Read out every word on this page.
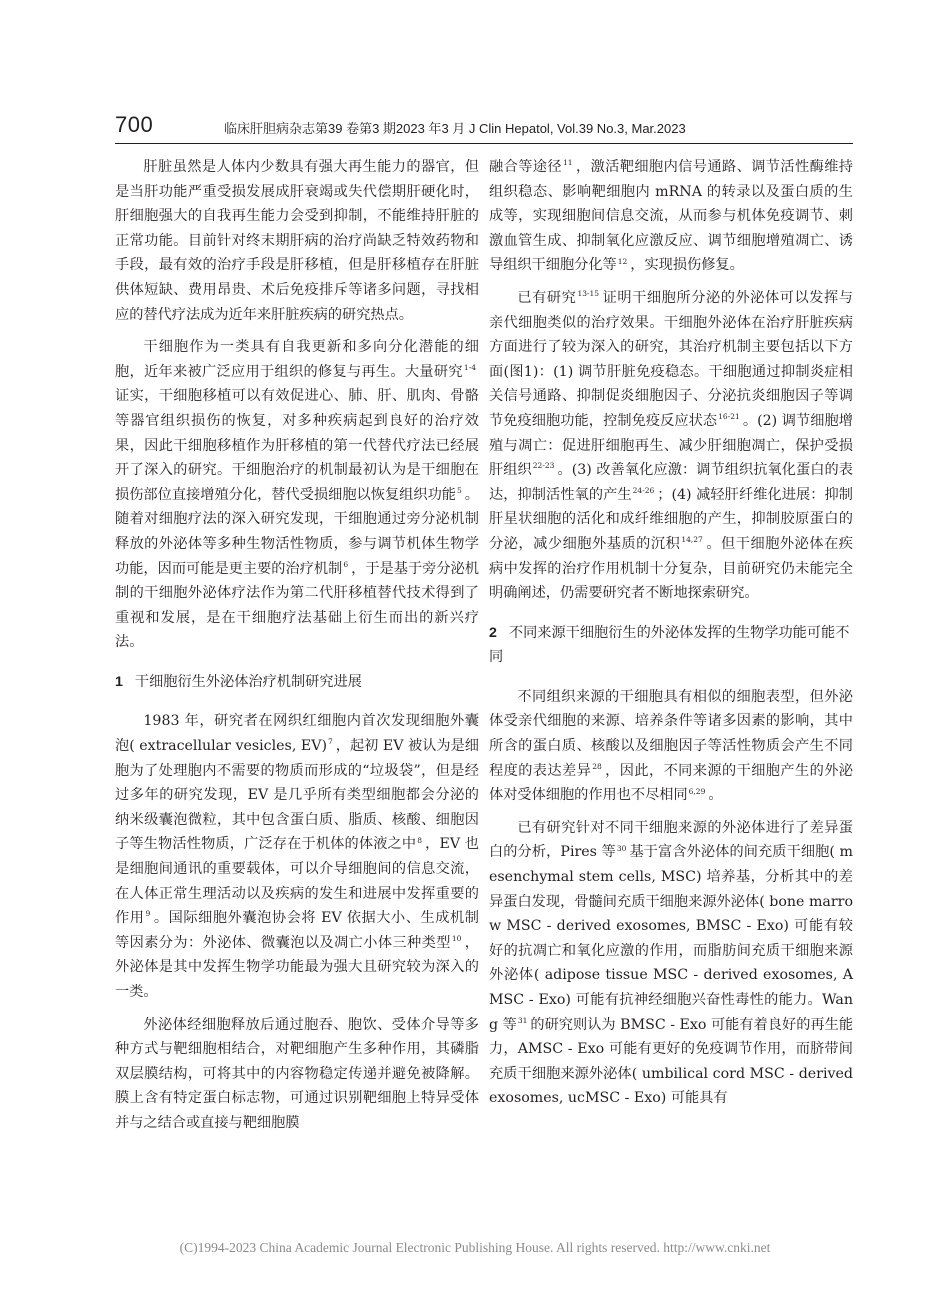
700	临床肝胆病杂志第39 卷第3 期2023 年3 月 J Clin Hepatol, Vol.39 No.3, Mar.2023

肝脏虽然是人体内少数具有强大再生能力的器官，但是当肝功能严重受损发展成肝衰竭或失代偿期肝硬化时，肝细胞强大的自我再生能力会受到抑制，不能维持肝脏的正常功能。目前针对终末期肝病的治疗尚缺乏特效药物和手段，最有效的治疗手段是肝移植，但是肝移植存在肝脏供体短缺、费用昂贵、术后免疫排斥等诸多问题，寻找相应的替代疗法成为近年来肝脏疾病的研究热点。

干细胞作为一类具有自我更新和多向分化潜能的细胞，近年来被广泛应用于组织的修复与再生。大量研究$^{1-4}$证实，干细胞移植可以有效促进心、肺、肝、肌肉、骨骼等器官组织损伤的恢复，对多种疾病起到良好的治疗效果，因此干细胞移植作为肝移植的第一代替代疗法已经展开了深入的研究。干细胞治疗的机制最初认为是干细胞在损伤部位直接增殖分化，替代受损细胞以恢复组织功能$^5$ 。随着对细胞疗法的深入研究发现，干细胞通过旁分泌机制释放的外泌体等多种生物活性物质，参与调节机体生物学功能，因而可能是更主要的治疗机制$^6$ ，于是基于旁分泌机制的干细胞外泌体疗法作为第二代肝移植替代技术得到了重视和发展，是在干细胞疗法基础上衍生而出的新兴疗法。

1 干细胞衍生外泌体治疗机制研究进展

1983 年，研究者在网织红细胞内首次发现细胞外囊泡( extracellular vesicles, EV)$^7$ ，起初 EV 被认为是细胞为了处理胞内不需要的物质而形成的“垃圾袋”，但是经过多年的研究发现，EV 是几乎所有类型细胞都会分泌的纳米级囊泡微粒，其中包含蛋白质、脂质、核酸、细胞因子等生物活性物质，广泛存在于机体的体液之中$^8$ ，EV 也是细胞间通讯的重要载体，可以介导细胞间的信息交流，在人体正常生理活动以及疾病的发生和进展中发挥重要的作用$^9$ 。国际细胞外囊泡协会将 EV 依据大小、生成机制等因素分为：外泌体、微囊泡以及凋亡小体三种类型$^{10}$ ，外泌体是其中发挥生物学功能最为强大且研究较为深入的一类。

外泌体经细胞释放后通过胞吞、胞饮、受体介导等多种方式与靶细胞相结合，对靶细胞产生多种作用，其磷脂双层膜结构，可将其中的内容物稳定传递并避免被降解。膜上含有特定蛋白标志物，可通过识别靶细胞上特异受体并与之结合或直接与靶细胞膜

融合等途径$^{11}$ ，激活靶细胞内信号通路、调节活性酶维持组织稳态、影响靶细胞内 mRNA 的转录以及蛋白质的生成等，实现细胞间信息交流，从而参与机体免疫调节、刺激血管生成、抑制氧化应激反应、调节细胞增殖凋亡、诱导组织干细胞分化等$^{12}$ ，实现损伤修复。

已有研究$^{13-15}$ 证明干细胞所分泌的外泌体可以发挥与亲代细胞类似的治疗效果。干细胞外泌体在治疗肝脏疾病方面进行了较为深入的研究，其治疗机制主要包括以下方面(图1)：(1) 调节肝脏免疫稳态。干细胞通过抑制炎症相关信号通路、抑制促炎细胞因子、分泌抗炎细胞因子等调节免疫细胞功能，控制免疫反应状态$^{16-21}$ 。(2) 调节细胞增殖与凋亡：促进肝细胞再生、减少肝细胞凋亡，保护受损肝组织$^{22-23}$ 。(3) 改善氧化应激：调节组织抗氧化蛋白的表达，抑制活性氧的产生$^{24-26}$ ；(4) 减轻肝纤维化进展：抑制肝星状细胞的活化和成纤维细胞的产生，抑制胶原蛋白的分泌，减少细胞外基质的沉积$^{14,27}$ 。但干细胞外泌体在疾病中发挥的治疗作用机制十分复杂，目前研究仍未能完全明确阐述，仍需要研究者不断地探索研究。

2 不同来源干细胞衍生的外泌体发挥的生物学功能可能不同

不同组织来源的干细胞具有相似的细胞表型，但外泌体受亲代细胞的来源、培养条件等诸多因素的影响，其中所含的蛋白质、核酸以及细胞因子等活性物质会产生不同程度的表达差异$^{28}$ ，因此，不同来源的干细胞产生的外泌体对受体细胞的作用也不尽相同$^{6,29}$ 。

已有研究针对不同干细胞来源的外泌体进行了差异蛋白的分析，Pires 等$^{30}$ 基于富含外泌体的间充质干细胞( mesenchymal stem cells, MSC) 培养基，分析其中的差异蛋白发现，骨髓间充质干细胞来源外泌体( bone marrow MSC - derived exosomes, BMSC - Exo) 可能有较好的抗凋亡和氧化应激的作用，而脂肪间充质干细胞来源外泌体( adipose tissue MSC - derived exosomes, AMSC - Exo) 可能有抗神经细胞兴奋性毒性的能力。Wang 等$^{31}$ 的研究则认为 BMSC - Exo 可能有着良好的再生能力，AMSC - Exo 可能有更好的免疫调节作用，而脐带间充质干细胞来源外泌体( umbilical cord MSC - derived exosomes, ucMSC - Exo) 可能具有

(C)1994-2023 China Academic Journal Electronic Publishing House. All rights reserved. http://www.cnki.net
